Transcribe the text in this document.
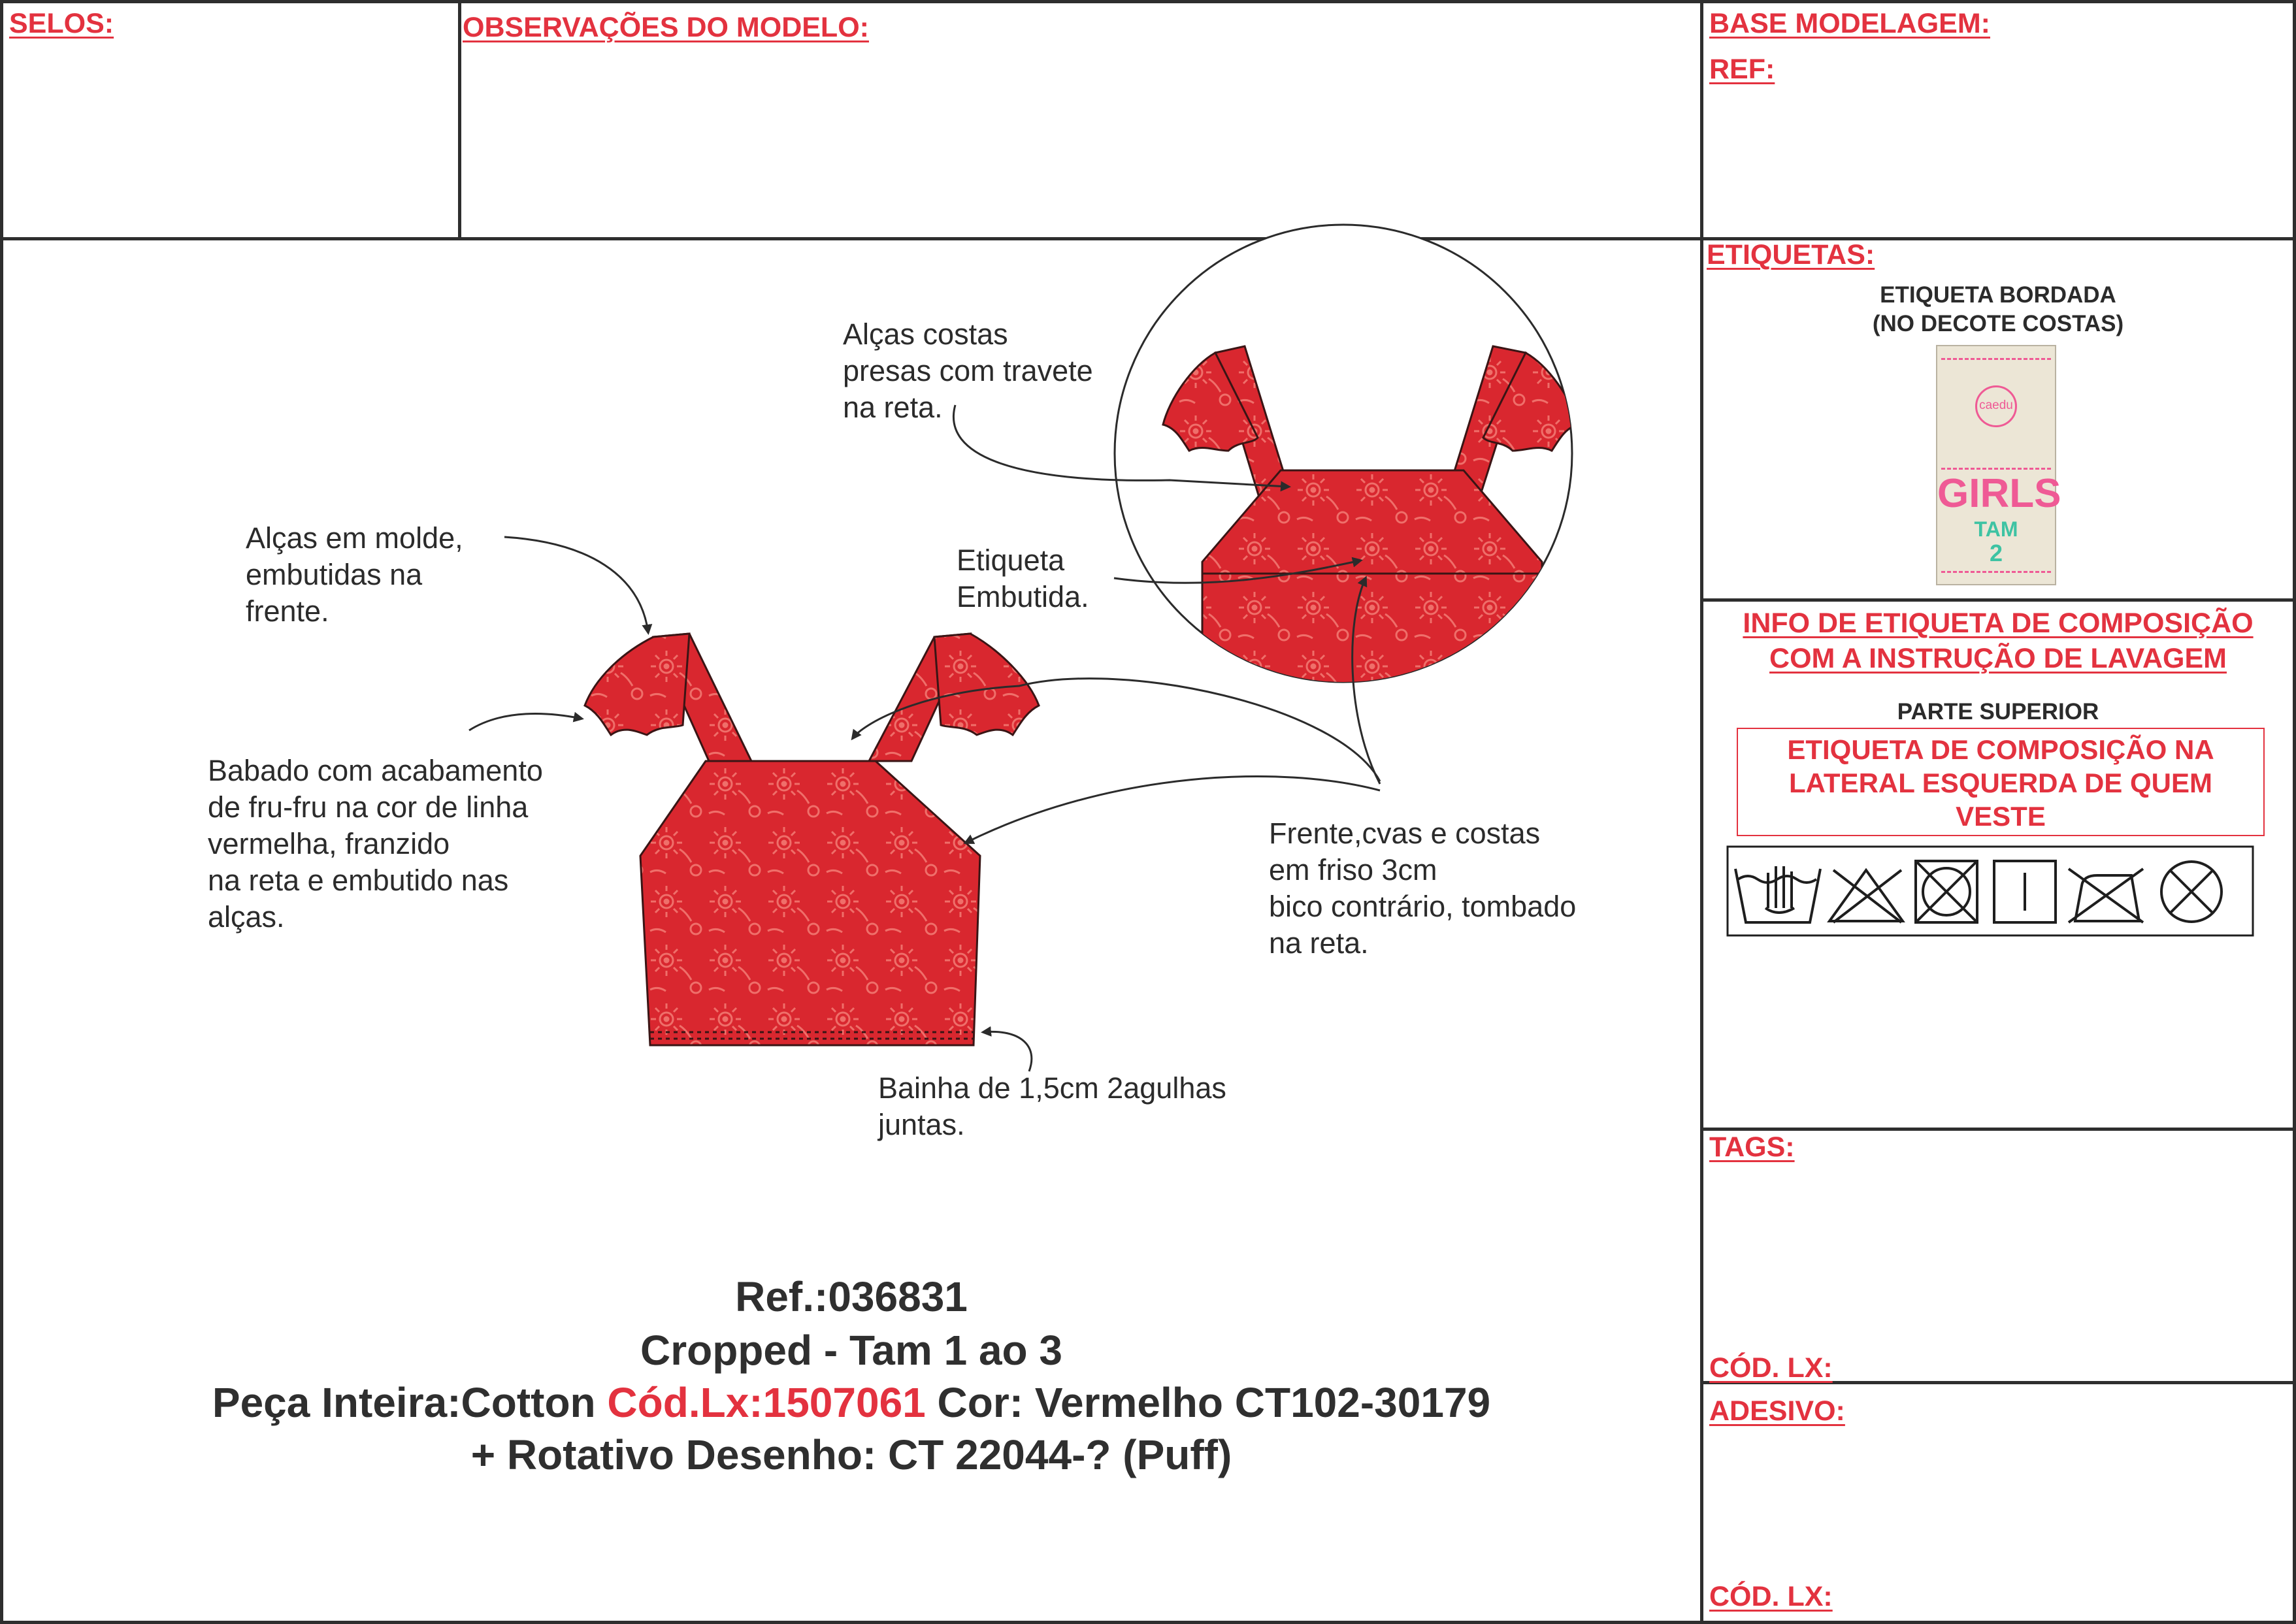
SELOS:	OBSERVAÇÕES DO MODELO:	BASE MODELAGEM:
REF:
ETIQUETAS:
ETIQUETA BORDADA
(NO DECOTE COSTAS)
caedu
GIRLS
TAM
2
INFO DE ETIQUETA DE COMPOSIÇÃO
COM A INSTRUÇÃO DE LAVAGEM
PARTE SUPERIOR
ETIQUETA DE COMPOSIÇÃO NA
LATERAL ESQUERDA DE QUEM
VESTE
TAGS:
CÓD. LX:
ADESIVO:
CÓD. LX:
Alças costas
presas com travete
na reta.
Alças em molde,
embutidas na
frente.
Etiqueta
Embutida.
Babado com acabamento
de fru-fru na cor de linha
vermelha, franzido
na reta e embutido nas
alças.
Frente,cvas e costas
em friso 3cm
bico contrário, tombado
na reta.
Bainha de 1,5cm 2agulhas
juntas.
Ref.:036831
Cropped - Tam 1 ao 3
Peça Inteira:Cotton Cód.Lx:1507061 Cor: Vermelho CT102-30179
+ Rotativo Desenho: CT 22044-? (Puff)
